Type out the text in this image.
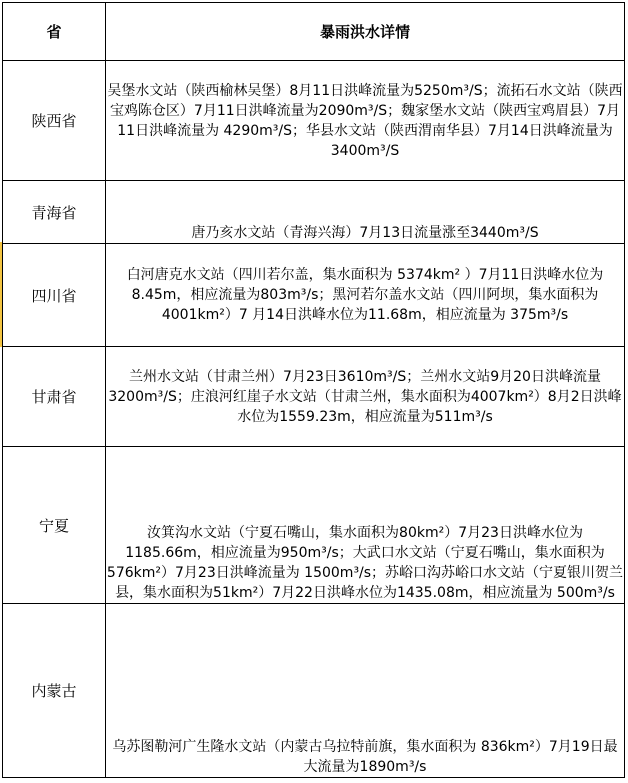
省	暴雨洪水详情
陕西省	吴堡水文站（陕西榆林吴堡）8月11日洪峰流量为5250m³/S；流拓石水文站（陕西宝鸡陈仓区）7月11日洪峰流量为2090m³/S；魏家堡水文站（陕西宝鸡眉县）7月11日洪峰流量为 4290m³/S；华县水文站（陕西渭南华县）7月14日洪峰流量为3400m³/S

青海省	唐乃亥水文站（青海兴海）7月13日流量涨至3440m³/S

四川省	白河唐克水文站（四川若尔盖，集水面积为 5374km² ）7月11日洪峰水位为8.45m，相应流量为803m³/s；黑河若尔盖水文站（四川阿坝，集水面积为 4001km²）7 月14日洪峰水位为11.68m，相应流量为 375m³/s

甘肃省	兰州水文站（甘肃兰州）7月23日3610m³/S；兰州水文站9月20日洪峰流量3200m³/S；庄浪河红崖子水文站（甘肃兰州，集水面积为4007km²）8月2日洪峰水位为1559.23m，相应流量为511m³/s

宁夏	汝箕沟水文站（宁夏石嘴山，集水面积为80km²）7月23日洪峰水位为 1185.66m，相应流量为950m³/s；大武口水文站（宁夏石嘴山，集水面积为 576km²）7月23日洪峰流量为 1500m³/s；苏峪口沟苏峪口水文站（宁夏银川贺兰县，集水面积为51km²）7月22日洪峰水位为1435.08m，相应流量为 500m³/s

内蒙古	乌苏图勒河广生隆水文站（内蒙古乌拉特前旗，集水面积为 836km²）7月19日最大流量为1890m³/s
